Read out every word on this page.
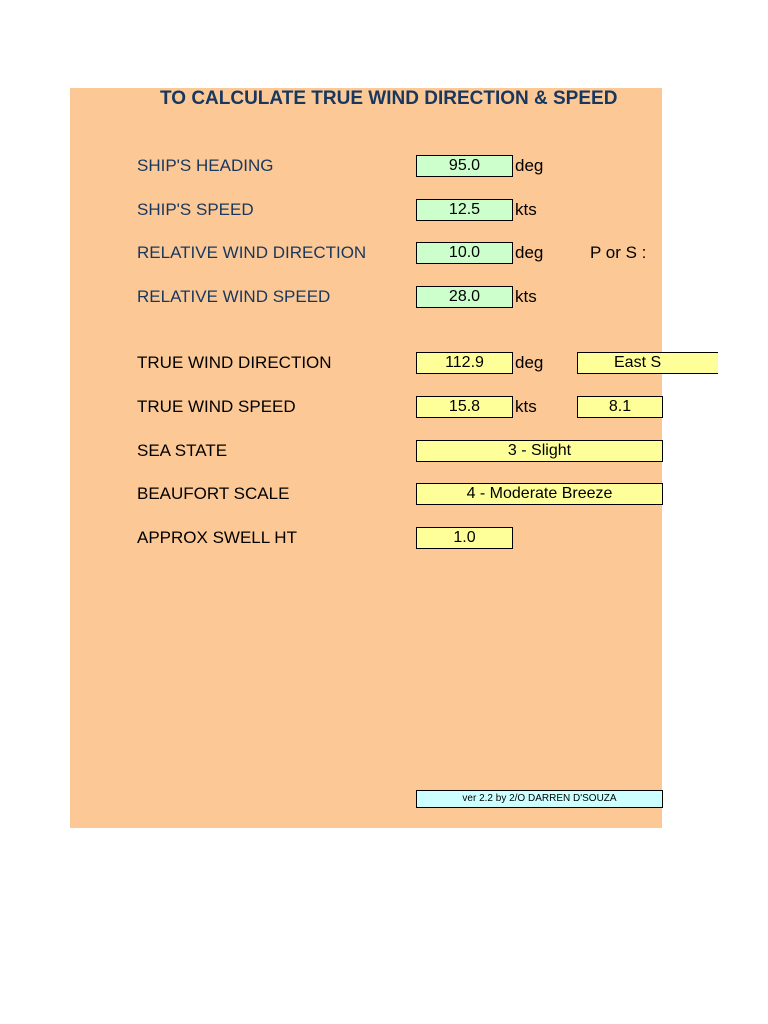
TO CALCULATE TRUE WIND DIRECTION & SPEED
SHIP'S HEADING	95.0	deg
SHIP'S SPEED	12.5	kts
RELATIVE WIND DIRECTION	10.0	deg	P or S :
RELATIVE WIND SPEED	28.0	kts
TRUE WIND DIRECTION	112.9	deg	East S
TRUE WIND SPEED	15.8	kts	8.1
SEA STATE	3 - Slight
BEAUFORT SCALE	4 - Moderate Breeze
APPROX SWELL HT	1.0
ver 2.2 by 2/O DARREN D'SOUZA
